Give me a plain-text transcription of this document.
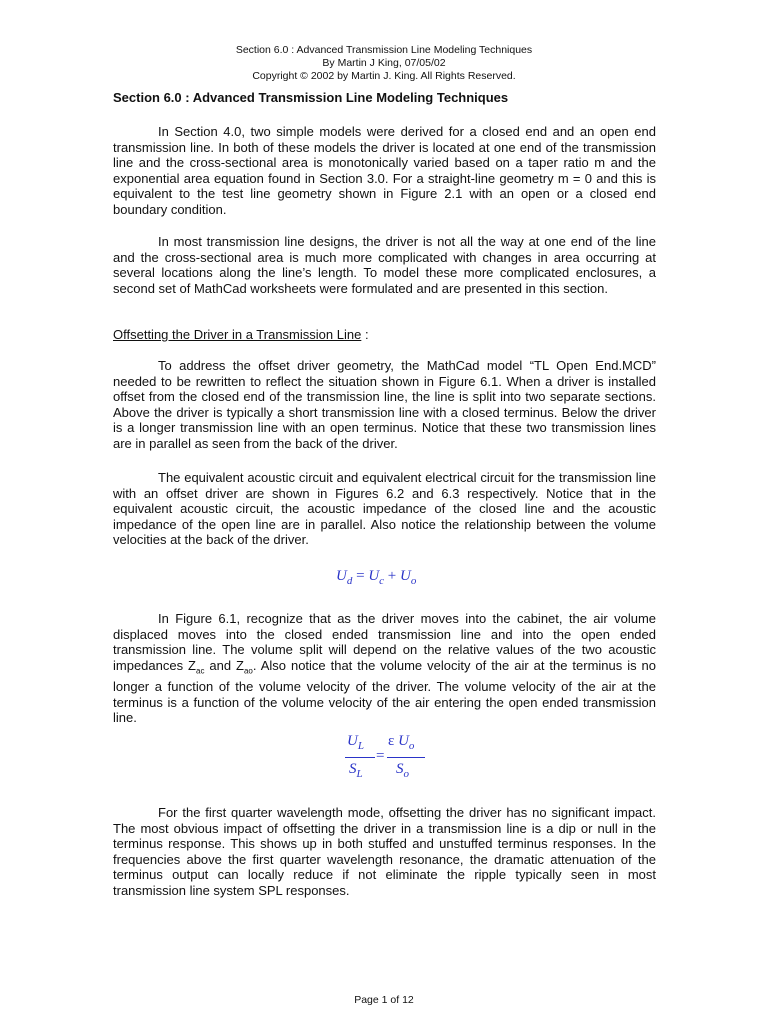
Section 6.0 : Advanced Transmission Line Modeling Techniques
By Martin J King, 07/05/02
Copyright © 2002 by Martin J. King. All Rights Reserved.
Section 6.0 : Advanced Transmission Line Modeling Techniques

In Section 4.0, two simple models were derived for a closed end and an open end transmission line. In both of these models the driver is located at one end of the transmission line and the cross-sectional area is monotonically varied based on a taper ratio m and the exponential area equation found in Section 3.0. For a straight-line geometry m = 0 and this is equivalent to the test line geometry shown in Figure 2.1 with an open or a closed end boundary condition.

In most transmission line designs, the driver is not all the way at one end of the line and the cross-sectional area is much more complicated with changes in area occurring at several locations along the line’s length. To model these more complicated enclosures, a second set of MathCad worksheets were formulated and are presented in this section.

Offsetting the Driver in a Transmission Line :

To address the offset driver geometry, the MathCad model “TL Open End.MCD” needed to be rewritten to reflect the situation shown in Figure 6.1. When a driver is installed offset from the closed end of the transmission line, the line is split into two separate sections. Above the driver is typically a short transmission line with a closed terminus. Below the driver is a longer transmission line with an open terminus. Notice that these two transmission lines are in parallel as seen from the back of the driver.

The equivalent acoustic circuit and equivalent electrical circuit for the transmission line with an offset driver are shown in Figures 6.2 and 6.3 respectively. Notice that in the equivalent acoustic circuit, the acoustic impedance of the closed line and the acoustic impedance of the open line are in parallel. Also notice the relationship between the volume velocities at the back of the driver.

$U_d = U_c + U_o$

In Figure 6.1, recognize that as the driver moves into the cabinet, the air volume displaced moves into the closed ended transmission line and into the open ended transmission line. The volume split will depend on the relative values of the two acoustic impedances $Z_{ac}$ and $Z_{ao}$. Also notice that the volume velocity of the air at the terminus is no longer a function of the volume velocity of the driver. The volume velocity of the air at the terminus is a function of the volume velocity of the air entering the open ended transmission line.

$U_L$
$S_L$
=
ε $U_o$
$S_o$

For the first quarter wavelength mode, offsetting the driver has no significant impact. The most obvious impact of offsetting the driver in a transmission line is a dip or null in the terminus response. This shows up in both stuffed and unstuffed terminus responses. In the frequencies above the first quarter wavelength resonance, the dramatic attenuation of the terminus output can locally reduce if not eliminate the ripple typically seen in most transmission line system SPL responses.

Page 1 of 12
